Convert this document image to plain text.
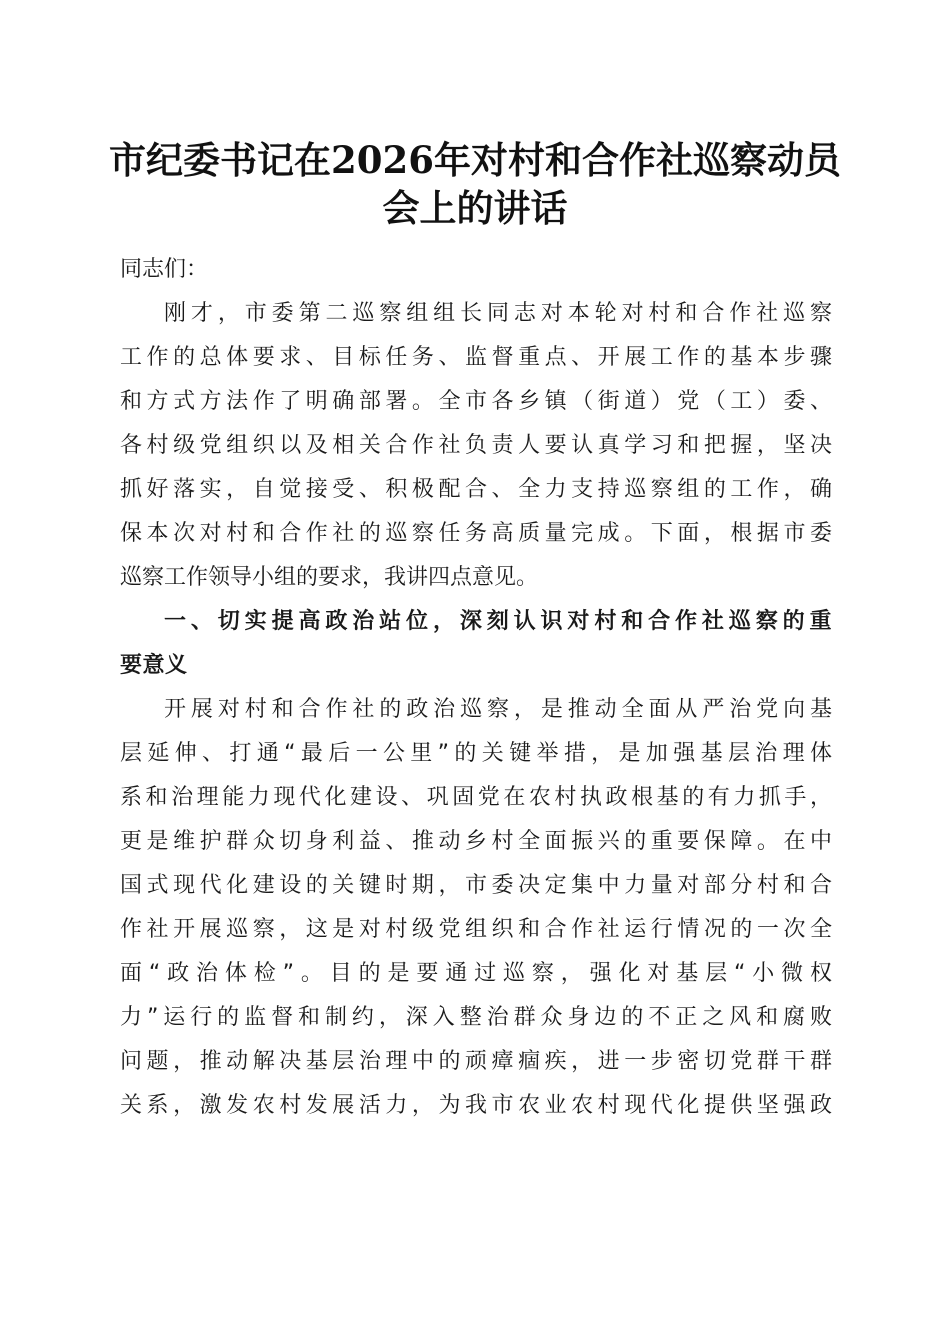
市纪委书记在2026年对村和合作社巡察动员
会上的讲话
同志们：
刚才，市委第二巡察组组长同志对本轮对村和合作社巡察
工作的总体要求、目标任务、监督重点、开展工作的基本步骤
和方式方法作了明确部署。全市各乡镇（街道）党（工）委、
各村级党组织以及相关合作社负责人要认真学习和把握，坚决
抓好落实，自觉接受、积极配合、全力支持巡察组的工作，确
保本次对村和合作社的巡察任务高质量完成。下面，根据市委
巡察工作领导小组的要求，我讲四点意见。
一、切实提高政治站位，深刻认识对村和合作社巡察的重
要意义
开展对村和合作社的政治巡察，是推动全面从严治党向基
层延伸、打通“最后一公里”的关键举措，是加强基层治理体
系和治理能力现代化建设、巩固党在农村执政根基的有力抓手，
更是维护群众切身利益、推动乡村全面振兴的重要保障。在中
国式现代化建设的关键时期，市委决定集中力量对部分村和合
作社开展巡察，这是对村级党组织和合作社运行情况的一次全
面“政治体检”。目的是要通过巡察，强化对基层“小微权
力”运行的监督和制约，深入整治群众身边的不正之风和腐败
问题，推动解决基层治理中的顽瘴痼疾，进一步密切党群干群
关系，激发农村发展活力，为我市农业农村现代化提供坚强政
